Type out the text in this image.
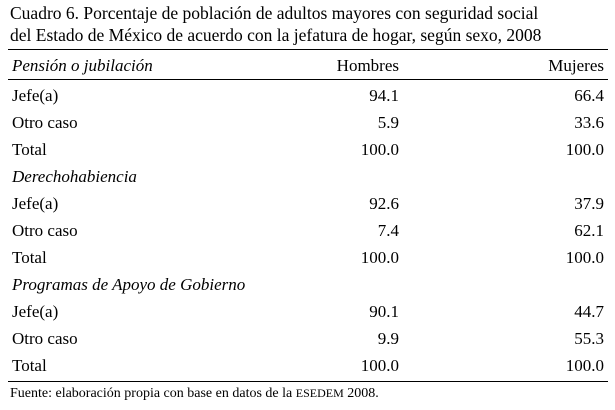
Cuadro 6. Porcentaje de población de adultos mayores con seguridad social
del Estado de México de acuerdo con la jefatura de hogar, según sexo, 2008
Pensión o jubilación	Hombres	Mujeres
Jefe(a)	94.1	66.4
Otro caso	5.9	33.6
Total	100.0	100.0
Derechohabiencia
Jefe(a)	92.6	37.9
Otro caso	7.4	62.1
Total	100.0	100.0
Programas de Apoyo de Gobierno
Jefe(a)	90.1	44.7
Otro caso	9.9	55.3
Total	100.0	100.0
Fuente: elaboración propia con base en datos de la ESEDEM 2008.
